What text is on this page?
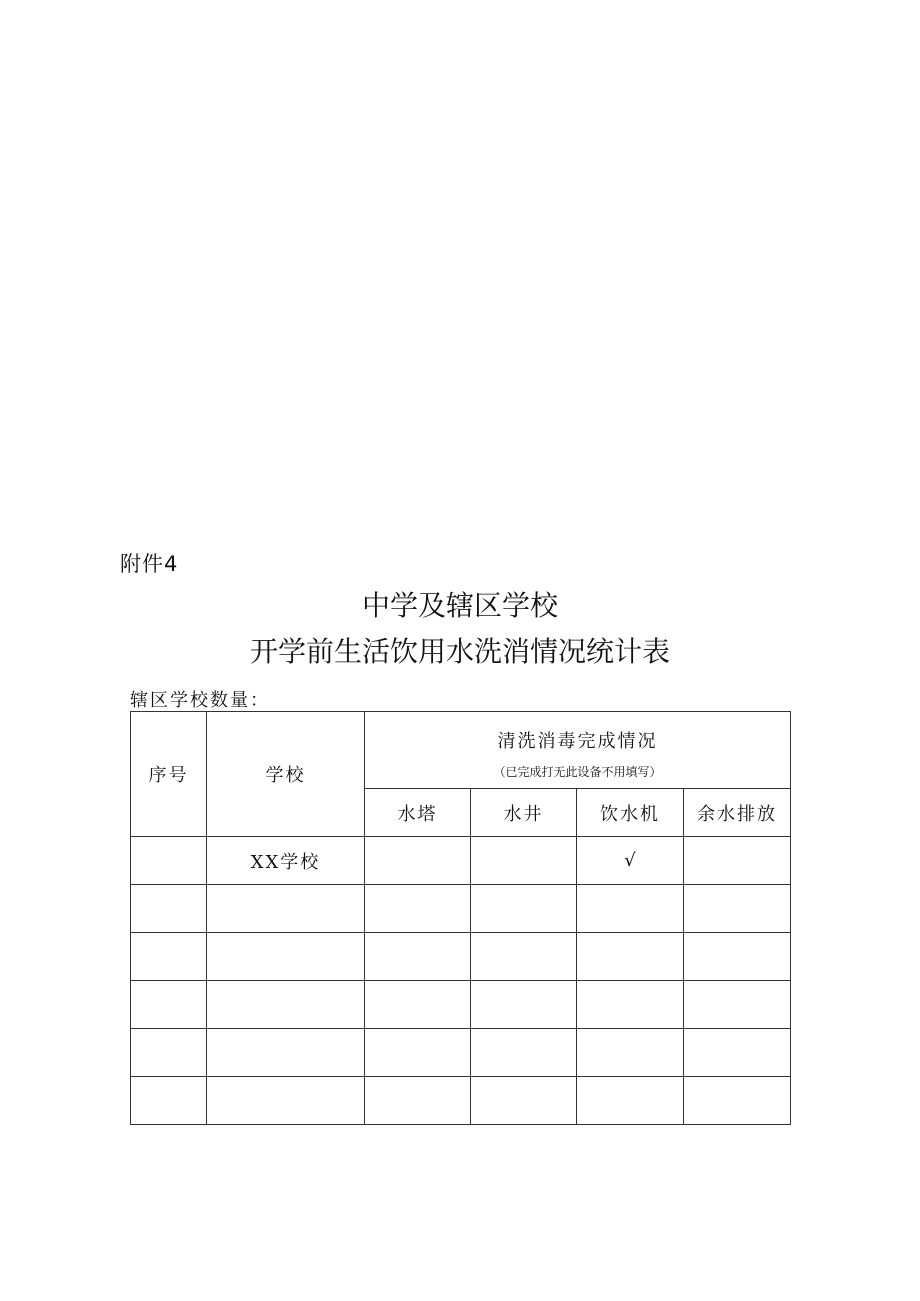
附件4
中学及辖区学校
开学前生活饮用水洗消情况统计表
辖区学校数量：
序号	学校	清洗消毒完成情况
（已完成打无此设备不用填写）			

		水塔	水井	饮水机	余水排放
	XX学校			√	
